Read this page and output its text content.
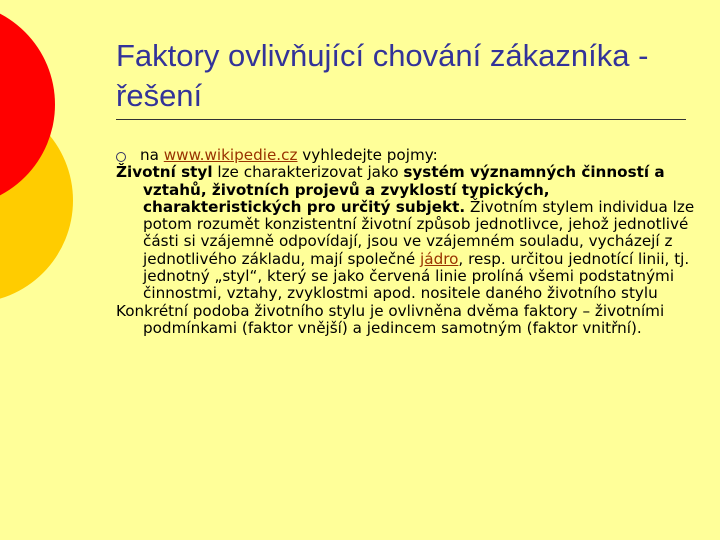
Faktory ovlivňující chování zákazníka - řešení
na www.wikipedie.cz vyhledejte pojmy:
Životní styl lze charakterizovat jako systém významných činností a vztahů, životních projevů a zvyklostí typických, charakteristických pro určitý subjekt. Životním stylem individua lze potom rozumět konzistentní životní způsob jednotlivce, jehož jednotlivé části si vzájemně odpovídají, jsou ve vzájemném souladu, vycházejí z jednotlivého základu, mají společné jádro, resp. určitou jednotící linii, tj. jednotný „styl“, který se jako červená linie prolíná všemi podstatnými činnostmi, vztahy, zvyklostmi apod. nositele daného životního stylu
Konkrétní podoba životního stylu je ovlivněna dvěma faktory – životními podmínkami (faktor vnější) a jedincem samotným (faktor vnitřní).
